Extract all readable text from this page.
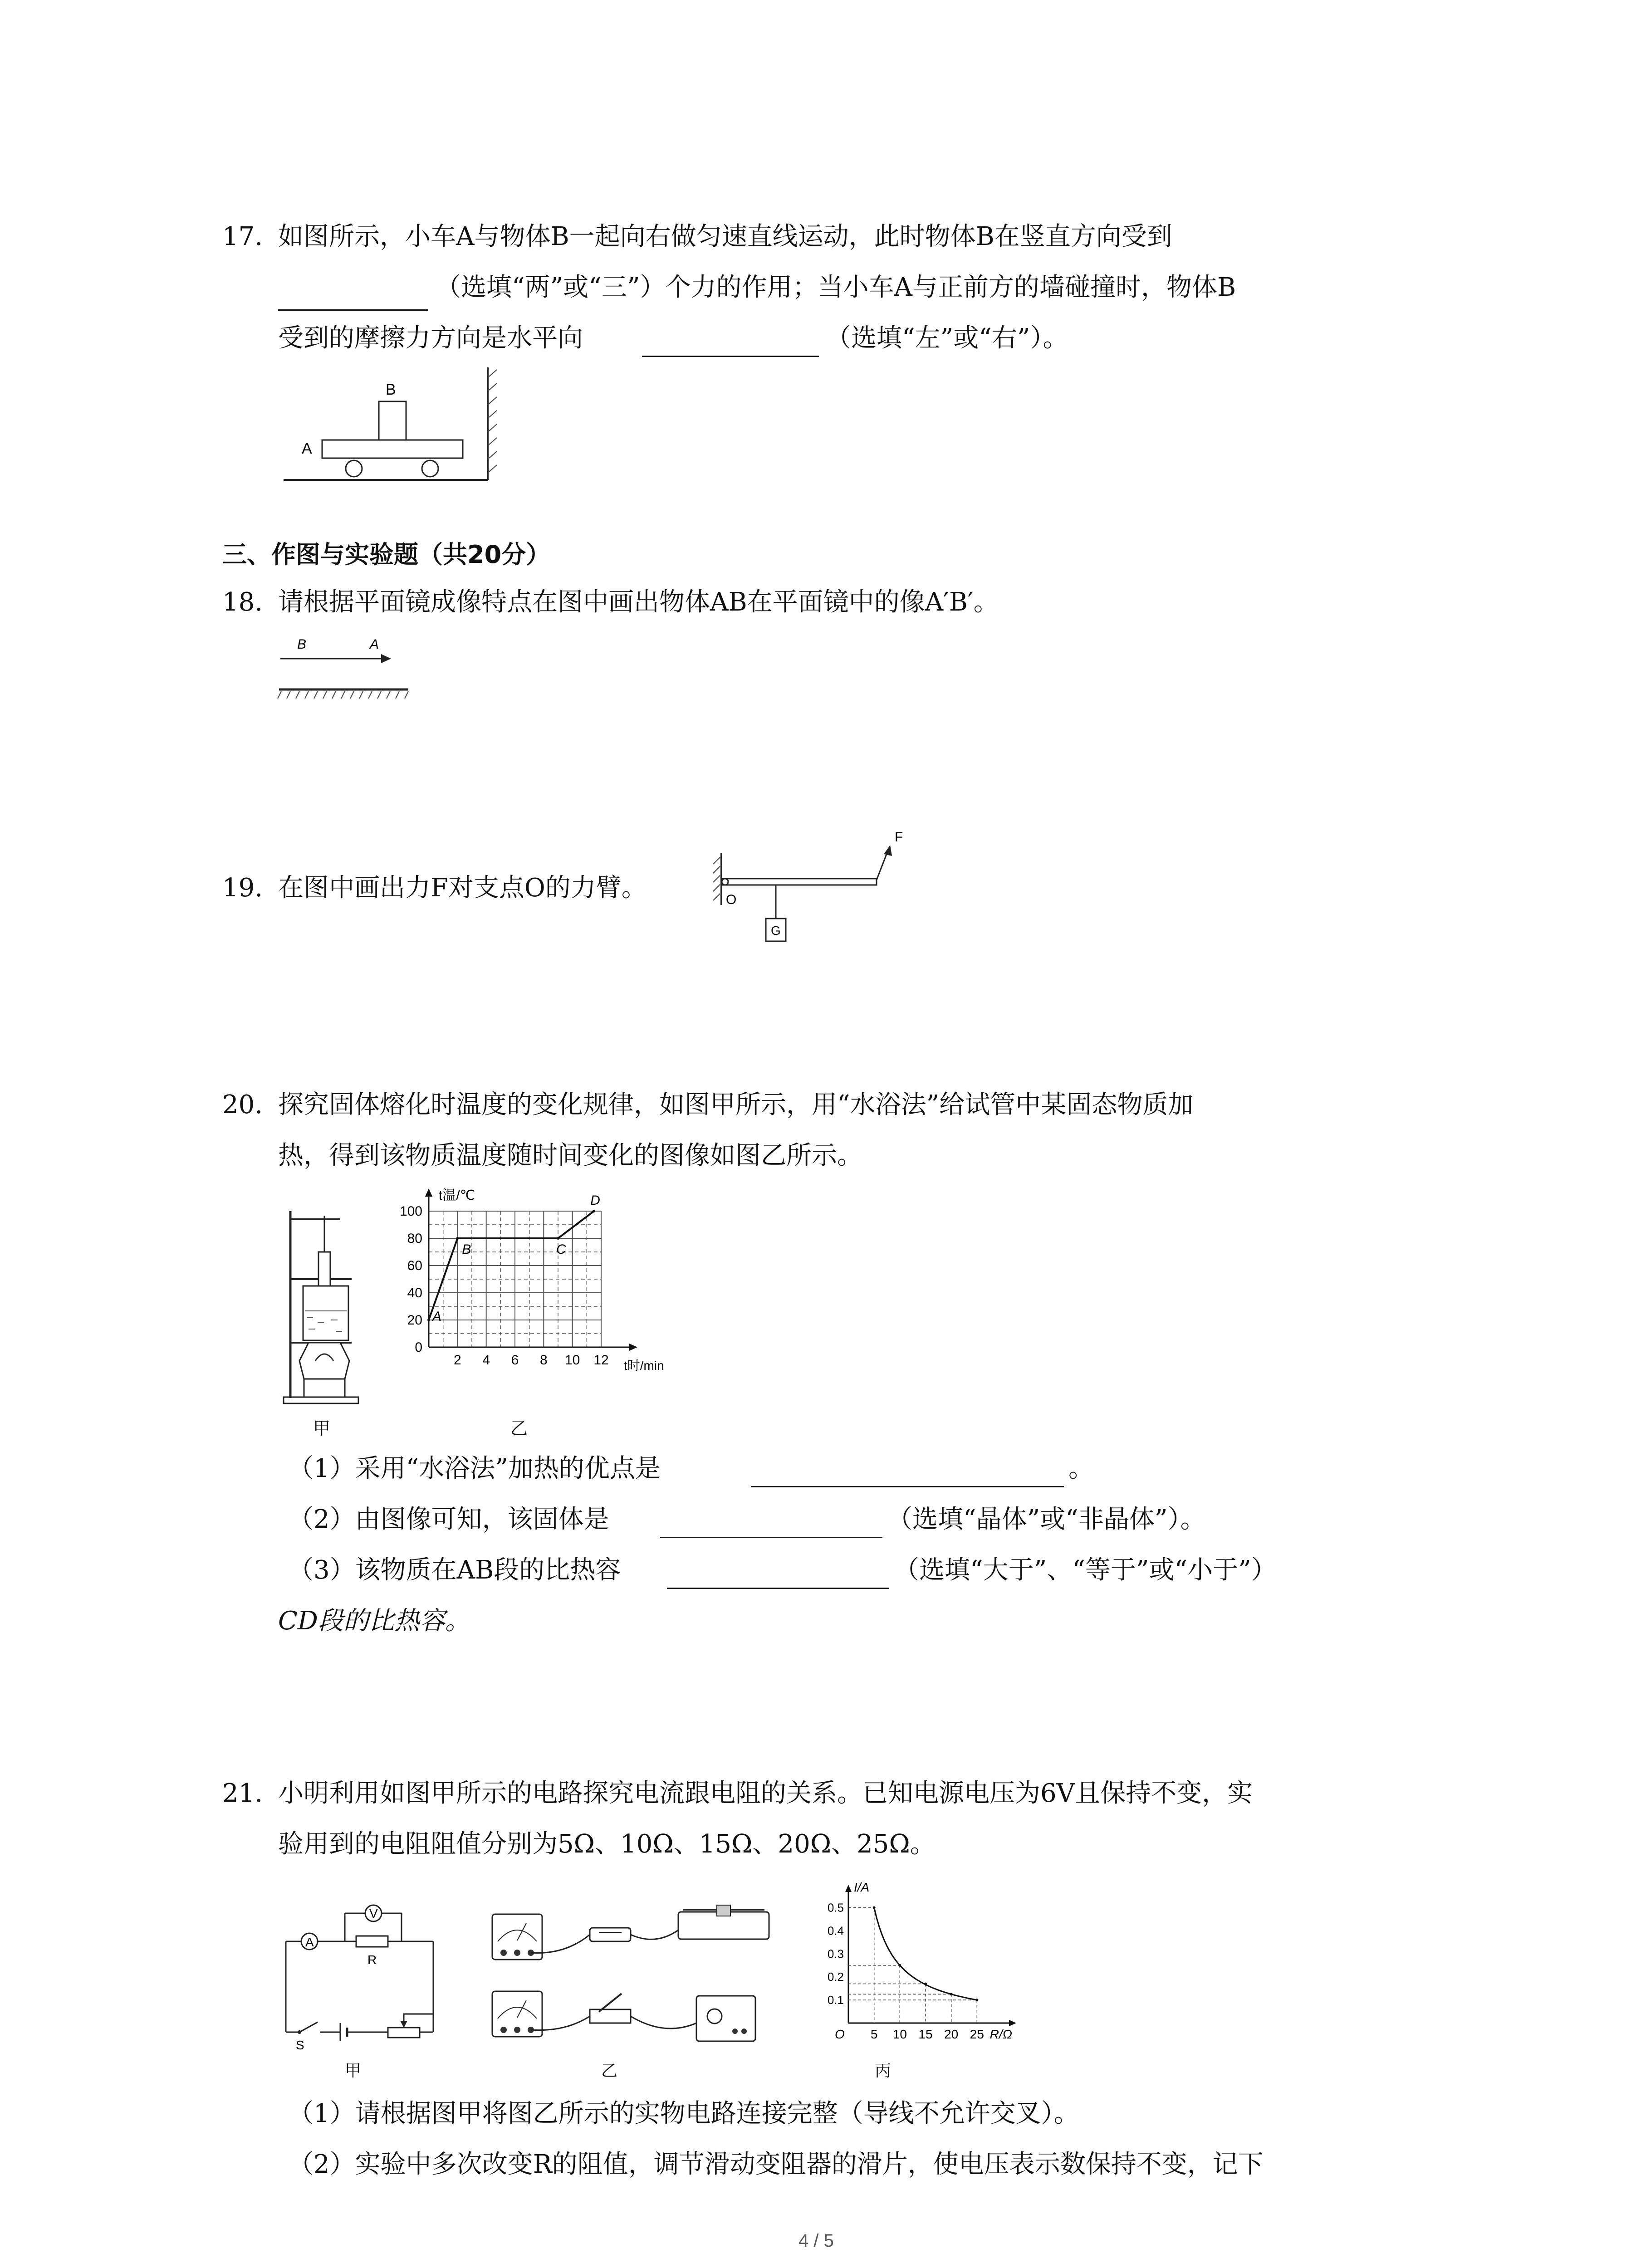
17. 如图所示，小车A与物体B一起向右做匀速直线运动，此时物体B在竖直方向受到
（选填“两”或“三”）个力的作用；当小车A与正前方的墙碰撞时，物体B
受到的摩擦力方向是水平向	（选填“左”或“右”）。
A
B
三、作图与实验题（共20分）
18. 请根据平面镜成像特点在图中画出物体AB在平面镜中的像A′B′。
B	A
19. 在图中画出力F对支点O的力臂。
F
O
G
20. 探究固体熔化时温度的变化规律，如图甲所示，用“水浴法”给试管中某固态物质加
热，得到该物质温度随时间变化的图像如图乙所示。
甲
2 4 6 8 10 12
0
20
40
60
80
100
t温/℃
t时/min
A
B	C
D
乙
（1）采用“水浴法”加热的优点是	。
（2）由图像可知，该固体是	（选填“晶体”或“非晶体”）。
（3）该物质在AB段的比热容	（选填“大于”、“等于”或“小于”）
CD段的比热容。
21. 小明利用如图甲所示的电路探究电流跟电阻的关系。已知电源电压为6V且保持不变，实
验用到的电阻阻值分别为5Ω、10Ω、15Ω、20Ω、25Ω。
A
R
V
S
甲	乙
5 10 15 20 25
0.1
0.2
0.3
0.4
0.5
O
I/A
R/Ω
丙
（1）请根据图甲将图乙所示的实物电路连接完整（导线不允许交叉）。
（2）实验中多次改变R的阻值，调节滑动变阻器的滑片，使电压表示数保持不变，记下
4 / 5
